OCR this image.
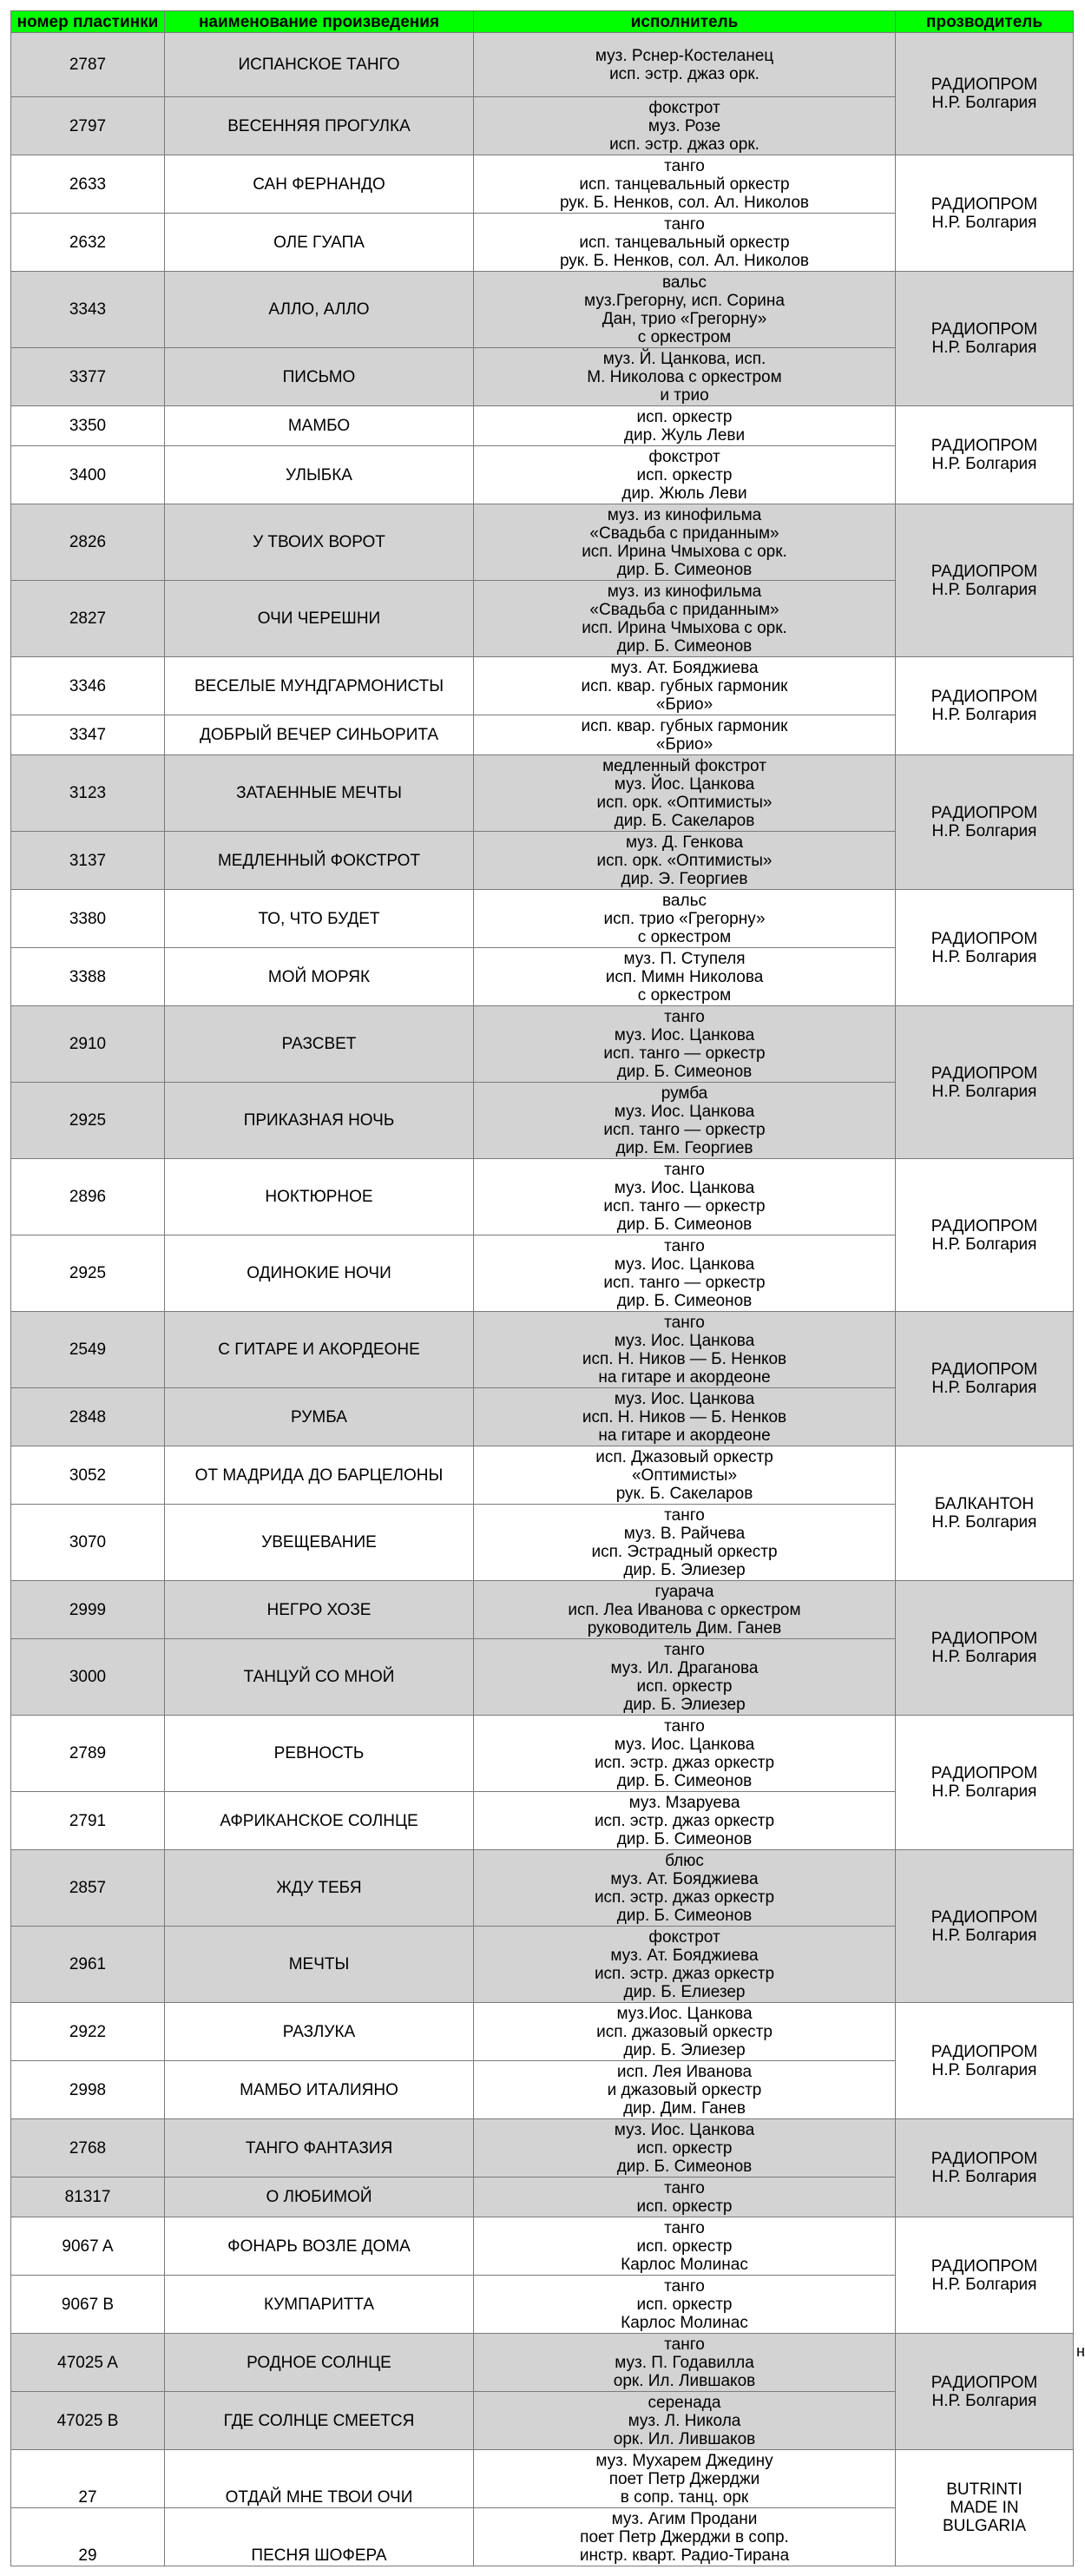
номер пластинки	наименование произведения	исполнитель	прозводитель
2787	ИСПАНСКОЕ ТАНГО	муз. Рснер-Костеланец
исп. эстр. джаз орк.	РАДИОПРОМ
Н.Р. Болгария
2797	ВЕСЕННЯЯ ПРОГУЛКА	фокстрот
муз. Розе
исп. эстр. джаз орк.	
2633	САН ФЕРНАНДО	танго
исп. танцевальный оркестр
рук. Б. Ненков, сол. Ал. Николов	РАДИОПРОМ
Н.Р. Болгария
2632	ОЛЕ ГУАПА	танго
исп. танцевальный оркестр
рук. Б. Ненков, сол. Ал. Николов	
3343	АЛЛО, АЛЛО	вальс
муз.Грегорну, исп. Сорина
Дан, трио «Грегорну»
с оркестром	РАДИОПРОМ
Н.Р. Болгария
3377	ПИСЬМО	муз. Й. Цанкова, исп.
М. Николова с оркестром
и трио	
3350	МАМБО	исп. оркестр
дир. Жуль Леви	РАДИОПРОМ
Н.Р. Болгария
3400	УЛЫБКА	фокстрот
исп. оркестр
дир. Жюль Леви	
2826	У ТВОИХ ВОРОТ	муз. из кинофильма
«Свадьба с приданным»
исп. Ирина Чмыхова с орк.
дир. Б. Симеонов	РАДИОПРОМ
Н.Р. Болгария
2827	ОЧИ ЧЕРЕШНИ	муз. из кинофильма
«Свадьба с приданным»
исп. Ирина Чмыхова с орк.
дир. Б. Симеонов	
3346	ВЕСЕЛЫЕ МУНДГАРМОНИСТЫ	муз. Ат. Бояджиева
исп. квар. губных гармоник
«Брио»	РАДИОПРОМ
Н.Р. Болгария
3347	ДОБРЫЙ ВЕЧЕР СИНЬОРИТА	исп. квар. губных гармоник
«Брио»	
3123	ЗАТАЕННЫЕ МЕЧТЫ	медленный фокстрот
муз. Йос. Цанкова
исп. орк. «Оптимисты»
дир. Б. Сакеларов	РАДИОПРОМ
Н.Р. Болгария
3137	МЕДЛЕННЫЙ ФОКСТРОТ	муз. Д. Генкова
исп. орк. «Оптимисты»
дир. Э. Георгиев	
3380	ТО, ЧТО БУДЕТ	вальс
исп. трио «Грегорну»
с оркестром	РАДИОПРОМ
Н.Р. Болгария
3388	МОЙ МОРЯК	муз. П. Ступеля
исп. Мимн Николова
с оркестром	
2910	РАЗСВЕТ	танго
муз. Иос. Цанкова
исп. танго — оркестр
дир. Б. Симеонов	РАДИОПРОМ
Н.Р. Болгария
2925	ПРИКАЗНАЯ НОЧЬ	румба
муз. Иос. Цанкова
исп. танго — оркестр
дир. Ем. Георгиев	
2896	НОКТЮРНОЕ	танго
муз. Иос. Цанкова
исп. танго — оркестр
дир. Б. Симеонов	РАДИОПРОМ
Н.Р. Болгария
2925	ОДИНОКИЕ НОЧИ	танго
муз. Иос. Цанкова
исп. танго — оркестр
дир. Б. Симеонов	
2549	С ГИТАРЕ И АКОРДЕОНЕ	танго
муз. Иос. Цанкова
исп. Н. Ников — Б. Ненков
на гитаре и акордеоне	РАДИОПРОМ
Н.Р. Болгария
2848	РУМБА	муз. Иос. Цанкова
исп. Н. Ников — Б. Ненков
на гитаре и акордеоне	
3052	ОТ МАДРИДА ДО БАРЦЕЛОНЫ	исп. Джазовый оркестр
«Оптимисты»
рук. Б. Сакеларов	БАЛКАНТОН
Н.Р. Болгария
3070	УВЕЩЕВАНИЕ	танго
муз. В. Райчева
исп. Эстрадный оркестр
дир. Б. Элиезер	
2999	НЕГРО ХОЗЕ	гуарача
исп. Леа Иванова с оркестром
руководитель Дим. Ганев	РАДИОПРОМ
Н.Р. Болгария
3000	ТАНЦУЙ СО МНОЙ	танго
муз. Ил. Драганова
исп. оркестр
дир. Б. Элиезер	
2789	РЕВНОСТЬ	танго
муз. Иос. Цанкова
исп. эстр. джаз оркестр
дир. Б. Симеонов	РАДИОПРОМ
Н.Р. Болгария
2791	АФРИКАНСКОЕ СОЛНЦЕ	муз. Мзаруева
исп. эстр. джаз оркестр
дир. Б. Симеонов	
2857	ЖДУ ТЕБЯ	блюс
муз. Ат. Бояджиева
исп. эстр. джаз оркестр
дир. Б. Симеонов	РАДИОПРОМ
Н.Р. Болгария
2961	МЕЧТЫ	фокстрот
муз. Ат. Бояджиева
исп. эстр. джаз оркестр
дир. Б. Елиезер	
2922	РАЗЛУКА	муз.Иос. Цанкова
исп. джазовый оркестр
дир. Б. Элиезер	РАДИОПРОМ
Н.Р. Болгария
2998	МАМБО ИТАЛИЯНО	исп. Лея Иванова
и джазовый оркестр
дир. Дим. Ганев	
2768	ТАНГО ФАНТАЗИЯ	муз. Иос. Цанкова
исп. оркестр
дир. Б. Симеонов	РАДИОПРОМ
Н.Р. Болгария
81317	О ЛЮБИМОЙ	танго
исп. оркестр	
9067 A	ФОНАРЬ ВОЗЛЕ ДОМА	танго
исп. оркестр
Карлос Молинас	РАДИОПРОМ
Н.Р. Болгария
9067 B	КУМПАРИТТА	танго
исп. оркестр
Карлос Молинас	
47025 A	РОДНОЕ СОЛНЦЕ	танго
муз. П. Годавилла
орк. Ил. Лившаков	РАДИОПРОМ
Н.Р. Болгария
47025 B	ГДЕ СОЛНЦЕ СМЕЕТСЯ	серенада
муз. Л. Никола
орк. Ил. Лившаков	
27	ОТДАЙ МНЕ ТВОИ ОЧИ	муз. Мухарем Джедину
поет Петр Джерджи
в сопр. танц. орк	BUTRINTI
MADE IN
BULGARIA
29	ПЕСНЯ ШОФЕРА	муз. Агим Продани
поет Петр Джерджи в сопр.
инстр. кварт. Радио-Тирана	
н
